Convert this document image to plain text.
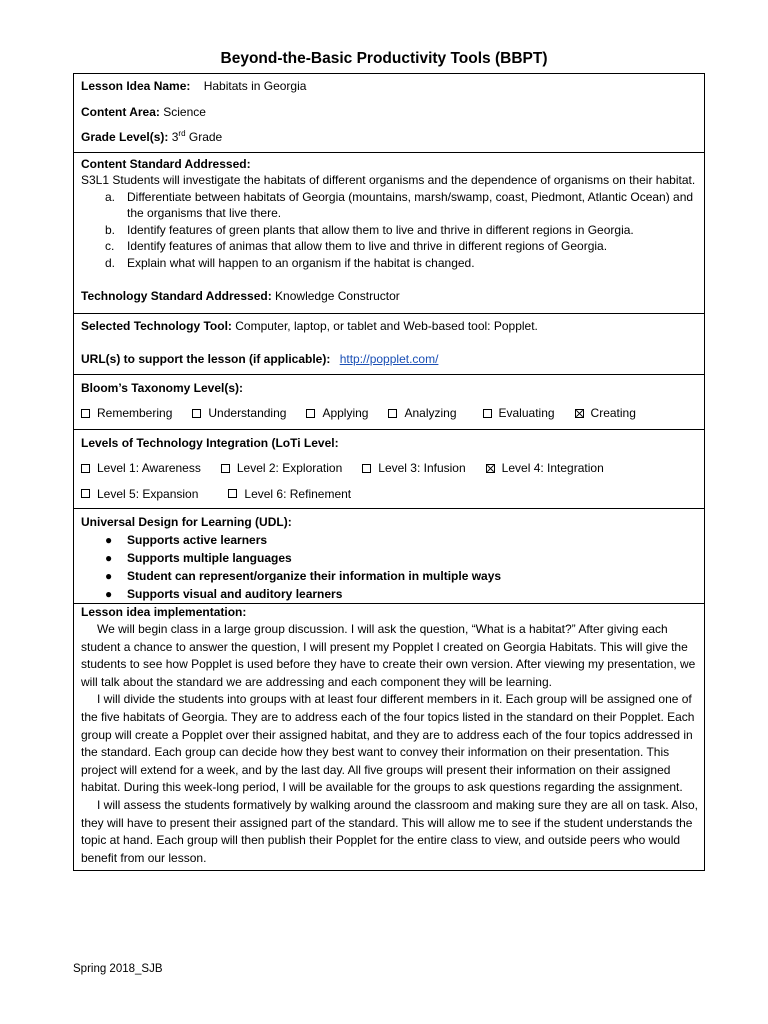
Beyond-the-Basic Productivity Tools (BBPT)
Lesson Idea Name: Habitats in Georgia
Content Area: Science
Grade Level(s): 3rd Grade
Content Standard Addressed:
S3L1 Students will investigate the habitats of different organisms and the dependence of organisms on their habitat.
a. Differentiate between habitats of Georgia (mountains, marsh/swamp, coast, Piedmont, Atlantic Ocean) and the organisms that live there.
b. Identify features of green plants that allow them to live and thrive in different regions in Georgia.
c. Identify features of animas that allow them to live and thrive in different regions of Georgia.
d. Explain what will happen to an organism if the habitat is changed.
Technology Standard Addressed: Knowledge Constructor
Selected Technology Tool: Computer, laptop, or tablet and Web-based tool: Popplet.
URL(s) to support the lesson (if applicable): http://popplet.com/
Bloom’s Taxonomy Level(s):
Remembering	Understanding	Applying	Analyzing	Evaluating	Creating
Levels of Technology Integration (LoTi Level:
Level 1: Awareness	Level 2: Exploration	Level 3: Infusion	Level 4: Integration
Level 5: Expansion	Level 6: Refinement
Universal Design for Learning (UDL):
● Supports active learners
● Supports multiple languages
● Student can represent/organize their information in multiple ways
● Supports visual and auditory learners
Lesson idea implementation:
We will begin class in a large group discussion. I will ask the question, “What is a habitat?” After giving each student a chance to answer the question, I will present my Popplet I created on Georgia Habitats. This will give the students to see how Popplet is used before they have to create their own version. After viewing my presentation, we will talk about the standard we are addressing and each component they will be learning.
I will divide the students into groups with at least four different members in it. Each group will be assigned one of the five habitats of Georgia. They are to address each of the four topics listed in the standard on their Popplet. Each group will create a Popplet over their assigned habitat, and they are to address each of the four topics addressed in the standard. Each group can decide how they best want to convey their information on their presentation. This project will extend for a week, and by the last day. All five groups will present their information on their assigned habitat. During this week-long period, I will be available for the groups to ask questions regarding the assignment.
I will assess the students formatively by walking around the classroom and making sure they are all on task. Also, they will have to present their assigned part of the standard. This will allow me to see if the student understands the topic at hand. Each group will then publish their Popplet for the entire class to view, and outside peers who would benefit from our lesson.
Spring 2018_SJB
